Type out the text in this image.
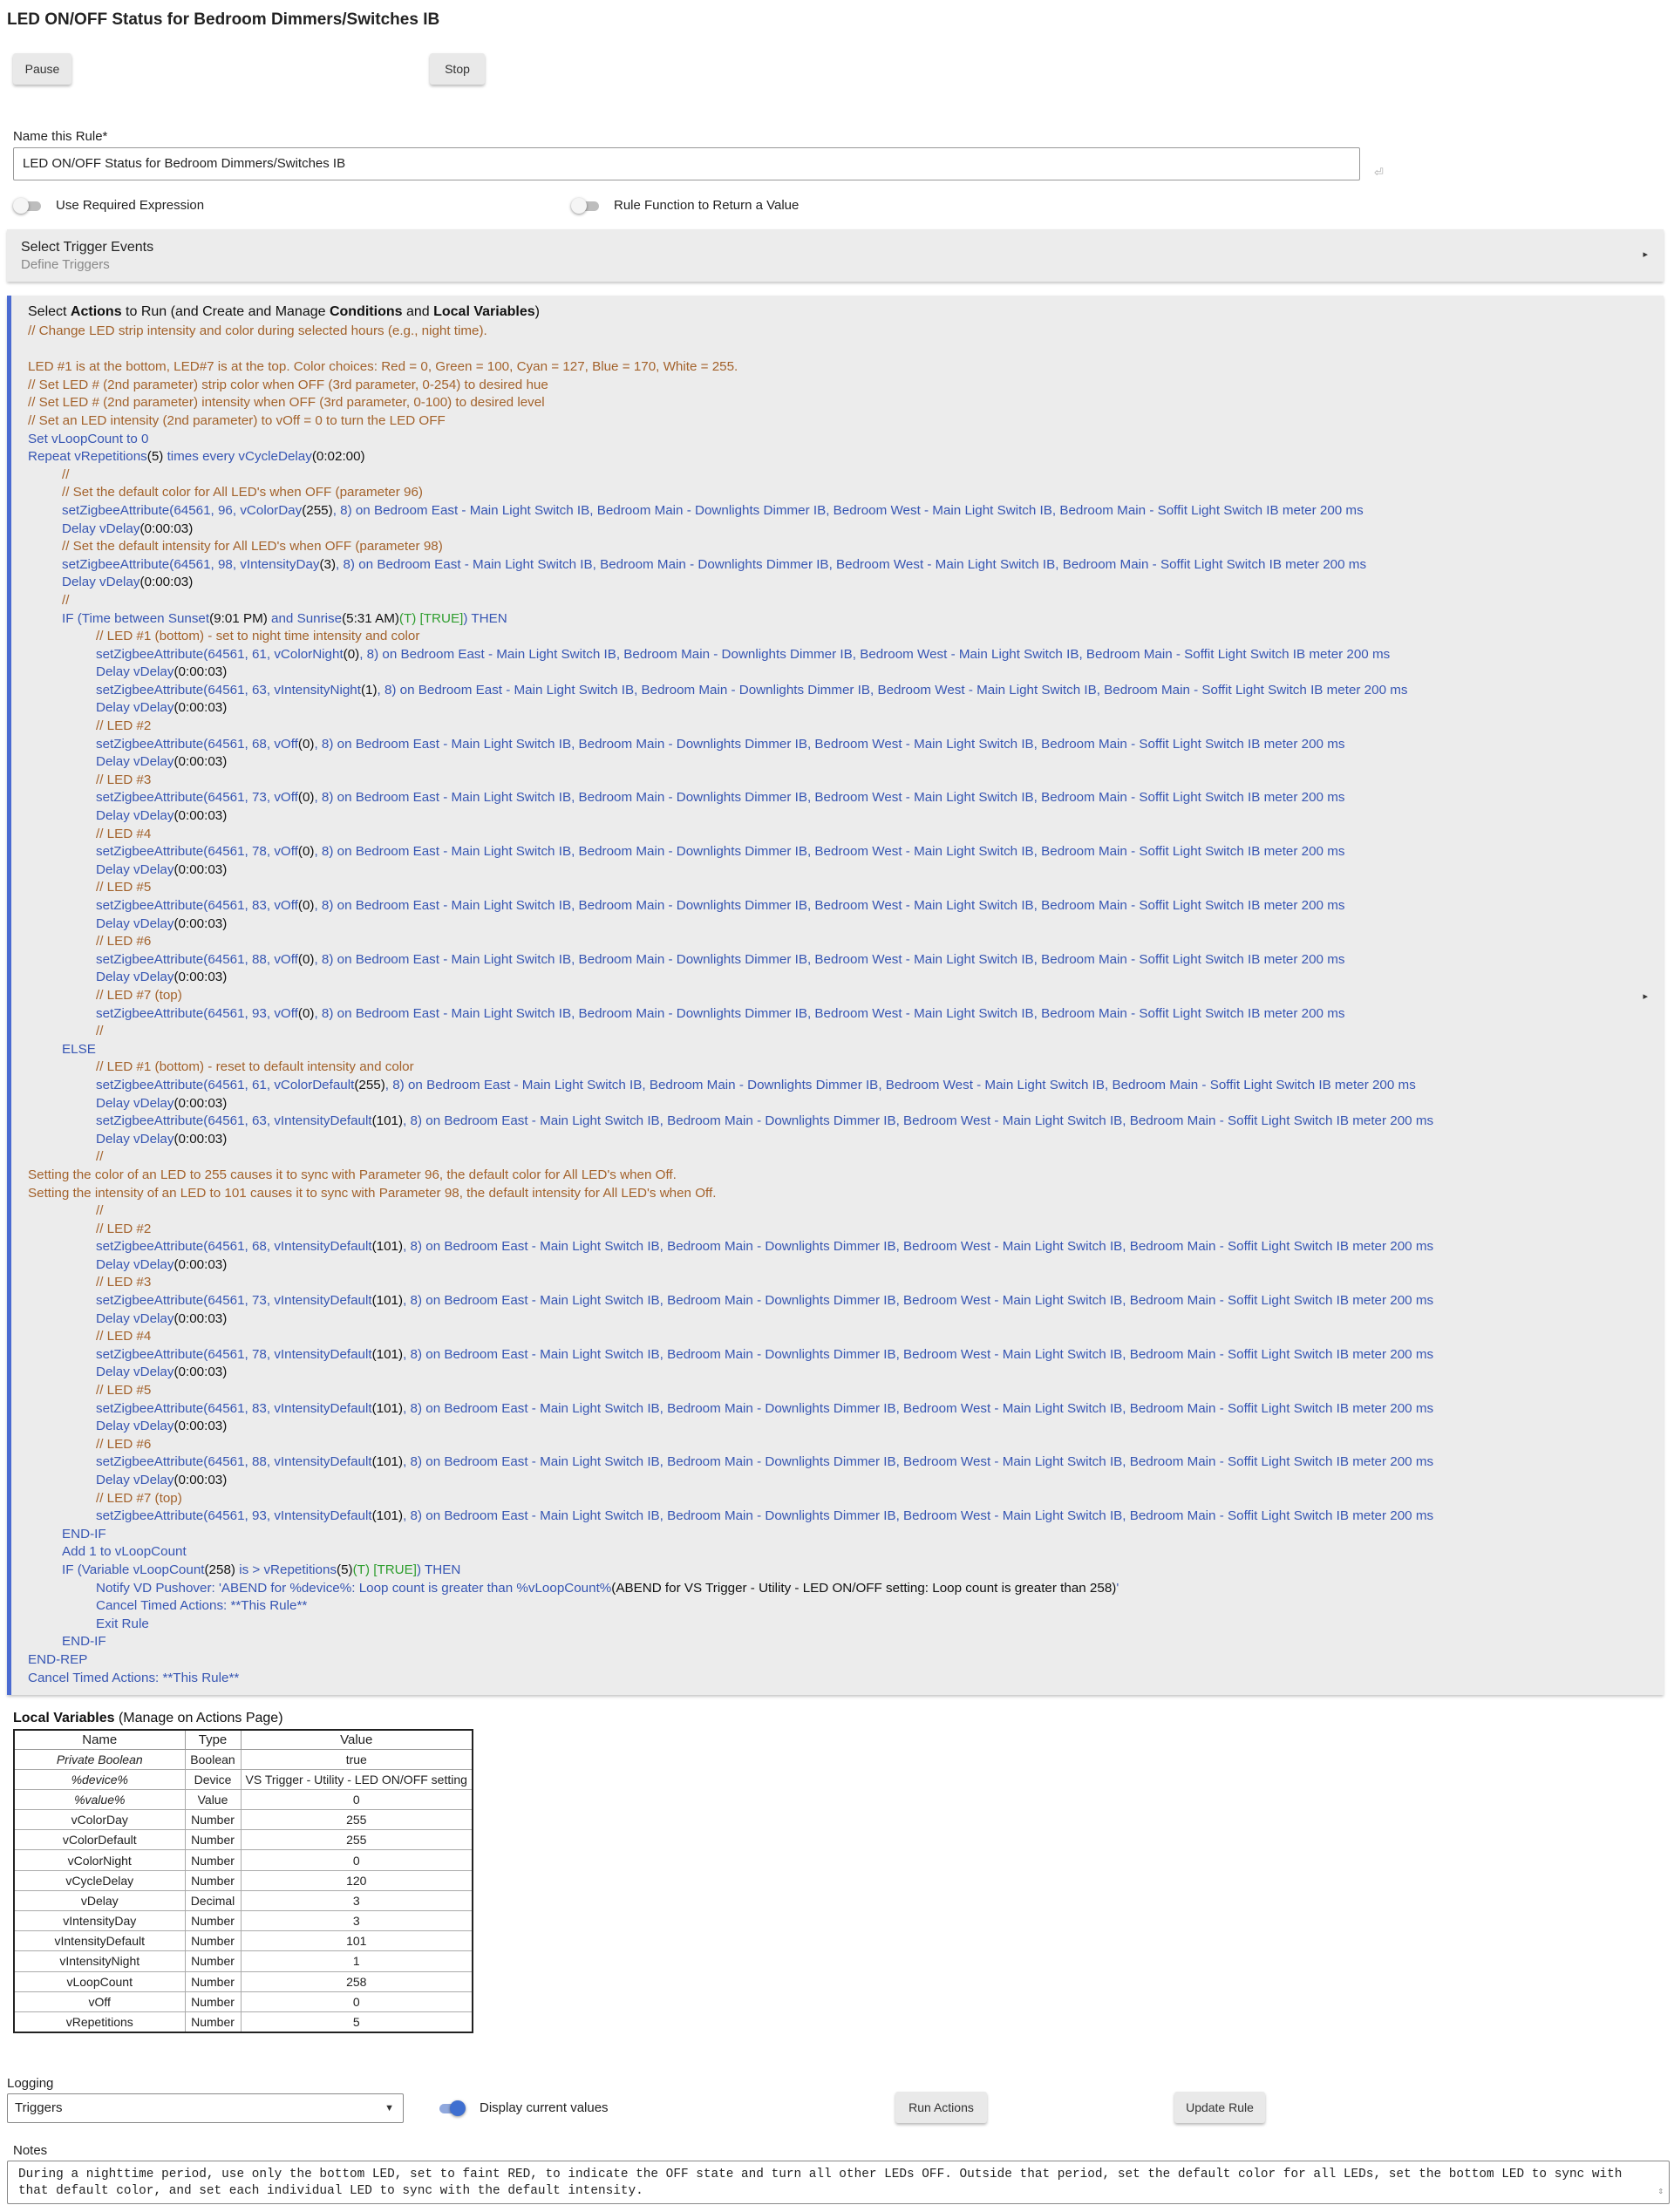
LED ON/OFF Status for Bedroom Dimmers/Switches IB
Pause	Stop
Name this Rule*
LED ON/OFF Status for Bedroom Dimmers/Switches IB
⏎
Use Required Expression	Rule Function to Return a Value
Select Trigger Events
Define Triggers
▸
Select Actions to Run (and Create and Manage Conditions and Local Variables)
// Change LED strip intensity and color during selected hours (e.g., night time).
LED #1 is at the bottom, LED#7 is at the top. Color choices: Red = 0, Green = 100, Cyan = 127, Blue = 170, White = 255.
// Set LED # (2nd parameter) strip color when OFF (3rd parameter, 0-254) to desired hue
// Set LED # (2nd parameter) intensity when OFF (3rd parameter, 0-100) to desired level
// Set an LED intensity (2nd parameter) to vOff = 0 to turn the LED OFF
Set vLoopCount to 0
Repeat vRepetitions(5) times every vCycleDelay(0:02:00)
//
// Set the default color for All LED's when OFF (parameter 96)
setZigbeeAttribute(64561, 96, vColorDay(255), 8) on Bedroom East - Main Light Switch IB, Bedroom Main - Downlights Dimmer IB, Bedroom West - Main Light Switch IB, Bedroom Main - Soffit Light Switch IB meter 200 ms
Delay vDelay(0:00:03)
// Set the default intensity for All LED's when OFF (parameter 98)
setZigbeeAttribute(64561, 98, vIntensityDay(3), 8) on Bedroom East - Main Light Switch IB, Bedroom Main - Downlights Dimmer IB, Bedroom West - Main Light Switch IB, Bedroom Main - Soffit Light Switch IB meter 200 ms
Delay vDelay(0:00:03)
//
IF (Time between Sunset(9:01 PM) and Sunrise(5:31 AM)(T) [TRUE]) THEN
// LED #1 (bottom) - set to night time intensity and color
setZigbeeAttribute(64561, 61, vColorNight(0), 8) on Bedroom East - Main Light Switch IB, Bedroom Main - Downlights Dimmer IB, Bedroom West - Main Light Switch IB, Bedroom Main - Soffit Light Switch IB meter 200 ms
Delay vDelay(0:00:03)
setZigbeeAttribute(64561, 63, vIntensityNight(1), 8) on Bedroom East - Main Light Switch IB, Bedroom Main - Downlights Dimmer IB, Bedroom West - Main Light Switch IB, Bedroom Main - Soffit Light Switch IB meter 200 ms
Delay vDelay(0:00:03)
// LED #2
setZigbeeAttribute(64561, 68, vOff(0), 8) on Bedroom East - Main Light Switch IB, Bedroom Main - Downlights Dimmer IB, Bedroom West - Main Light Switch IB, Bedroom Main - Soffit Light Switch IB meter 200 ms
Delay vDelay(0:00:03)
// LED #3
setZigbeeAttribute(64561, 73, vOff(0), 8) on Bedroom East - Main Light Switch IB, Bedroom Main - Downlights Dimmer IB, Bedroom West - Main Light Switch IB, Bedroom Main - Soffit Light Switch IB meter 200 ms
Delay vDelay(0:00:03)
// LED #4
setZigbeeAttribute(64561, 78, vOff(0), 8) on Bedroom East - Main Light Switch IB, Bedroom Main - Downlights Dimmer IB, Bedroom West - Main Light Switch IB, Bedroom Main - Soffit Light Switch IB meter 200 ms
Delay vDelay(0:00:03)
// LED #5
setZigbeeAttribute(64561, 83, vOff(0), 8) on Bedroom East - Main Light Switch IB, Bedroom Main - Downlights Dimmer IB, Bedroom West - Main Light Switch IB, Bedroom Main - Soffit Light Switch IB meter 200 ms
Delay vDelay(0:00:03)
// LED #6
setZigbeeAttribute(64561, 88, vOff(0), 8) on Bedroom East - Main Light Switch IB, Bedroom Main - Downlights Dimmer IB, Bedroom West - Main Light Switch IB, Bedroom Main - Soffit Light Switch IB meter 200 ms
Delay vDelay(0:00:03)
// LED #7 (top)
setZigbeeAttribute(64561, 93, vOff(0), 8) on Bedroom East - Main Light Switch IB, Bedroom Main - Downlights Dimmer IB, Bedroom West - Main Light Switch IB, Bedroom Main - Soffit Light Switch IB meter 200 ms
//
ELSE
// LED #1 (bottom) - reset to default intensity and color
setZigbeeAttribute(64561, 61, vColorDefault(255), 8) on Bedroom East - Main Light Switch IB, Bedroom Main - Downlights Dimmer IB, Bedroom West - Main Light Switch IB, Bedroom Main - Soffit Light Switch IB meter 200 ms
Delay vDelay(0:00:03)
setZigbeeAttribute(64561, 63, vIntensityDefault(101), 8) on Bedroom East - Main Light Switch IB, Bedroom Main - Downlights Dimmer IB, Bedroom West - Main Light Switch IB, Bedroom Main - Soffit Light Switch IB meter 200 ms
Delay vDelay(0:00:03)
//
Setting the color of an LED to 255 causes it to sync with Parameter 96, the default color for All LED's when Off.
Setting the intensity of an LED to 101 causes it to sync with Parameter 98, the default intensity for All LED's when Off.
//
// LED #2
setZigbeeAttribute(64561, 68, vIntensityDefault(101), 8) on Bedroom East - Main Light Switch IB, Bedroom Main - Downlights Dimmer IB, Bedroom West - Main Light Switch IB, Bedroom Main - Soffit Light Switch IB meter 200 ms
Delay vDelay(0:00:03)
// LED #3
setZigbeeAttribute(64561, 73, vIntensityDefault(101), 8) on Bedroom East - Main Light Switch IB, Bedroom Main - Downlights Dimmer IB, Bedroom West - Main Light Switch IB, Bedroom Main - Soffit Light Switch IB meter 200 ms
Delay vDelay(0:00:03)
// LED #4
setZigbeeAttribute(64561, 78, vIntensityDefault(101), 8) on Bedroom East - Main Light Switch IB, Bedroom Main - Downlights Dimmer IB, Bedroom West - Main Light Switch IB, Bedroom Main - Soffit Light Switch IB meter 200 ms
Delay vDelay(0:00:03)
// LED #5
setZigbeeAttribute(64561, 83, vIntensityDefault(101), 8) on Bedroom East - Main Light Switch IB, Bedroom Main - Downlights Dimmer IB, Bedroom West - Main Light Switch IB, Bedroom Main - Soffit Light Switch IB meter 200 ms
Delay vDelay(0:00:03)
// LED #6
setZigbeeAttribute(64561, 88, vIntensityDefault(101), 8) on Bedroom East - Main Light Switch IB, Bedroom Main - Downlights Dimmer IB, Bedroom West - Main Light Switch IB, Bedroom Main - Soffit Light Switch IB meter 200 ms
Delay vDelay(0:00:03)
// LED #7 (top)
setZigbeeAttribute(64561, 93, vIntensityDefault(101), 8) on Bedroom East - Main Light Switch IB, Bedroom Main - Downlights Dimmer IB, Bedroom West - Main Light Switch IB, Bedroom Main - Soffit Light Switch IB meter 200 ms
END-IF
Add 1 to vLoopCount
IF (Variable vLoopCount(258) is > vRepetitions(5)(T) [TRUE]) THEN
Notify VD Pushover: 'ABEND for %device%: Loop count is greater than %vLoopCount%(ABEND for VS Trigger - Utility - LED ON/OFF setting: Loop count is greater than 258)'
Cancel Timed Actions: **This Rule**
Exit Rule
END-IF
END-REP
Cancel Timed Actions: **This Rule**
▸
Local Variables (Manage on Actions Page)
Name	Type	Value
Private Boolean	Boolean	true
%device%	Device	VS Trigger - Utility - LED ON/OFF setting
%value%	Value	0
vColorDay	Number	255
vColorDefault	Number	255
vColorNight	Number	0
vCycleDelay	Number	120
vDelay	Decimal	3
vIntensityDay	Number	3
vIntensityDefault	Number	101
vIntensityNight	Number	1
vLoopCount	Number	258
vOff	Number	0
vRepetitions	Number	5
Logging
Triggers	▼	Display current values	Run Actions	Update Rule
Notes
During a nighttime period, use only the bottom LED, set to faint RED, to indicate the OFF state and turn all other LEDs OFF. Outside that period, set the default color for all LEDs, set the bottom LED to sync with that default color, and set each individual LED to sync with the default intensity.	⇕
